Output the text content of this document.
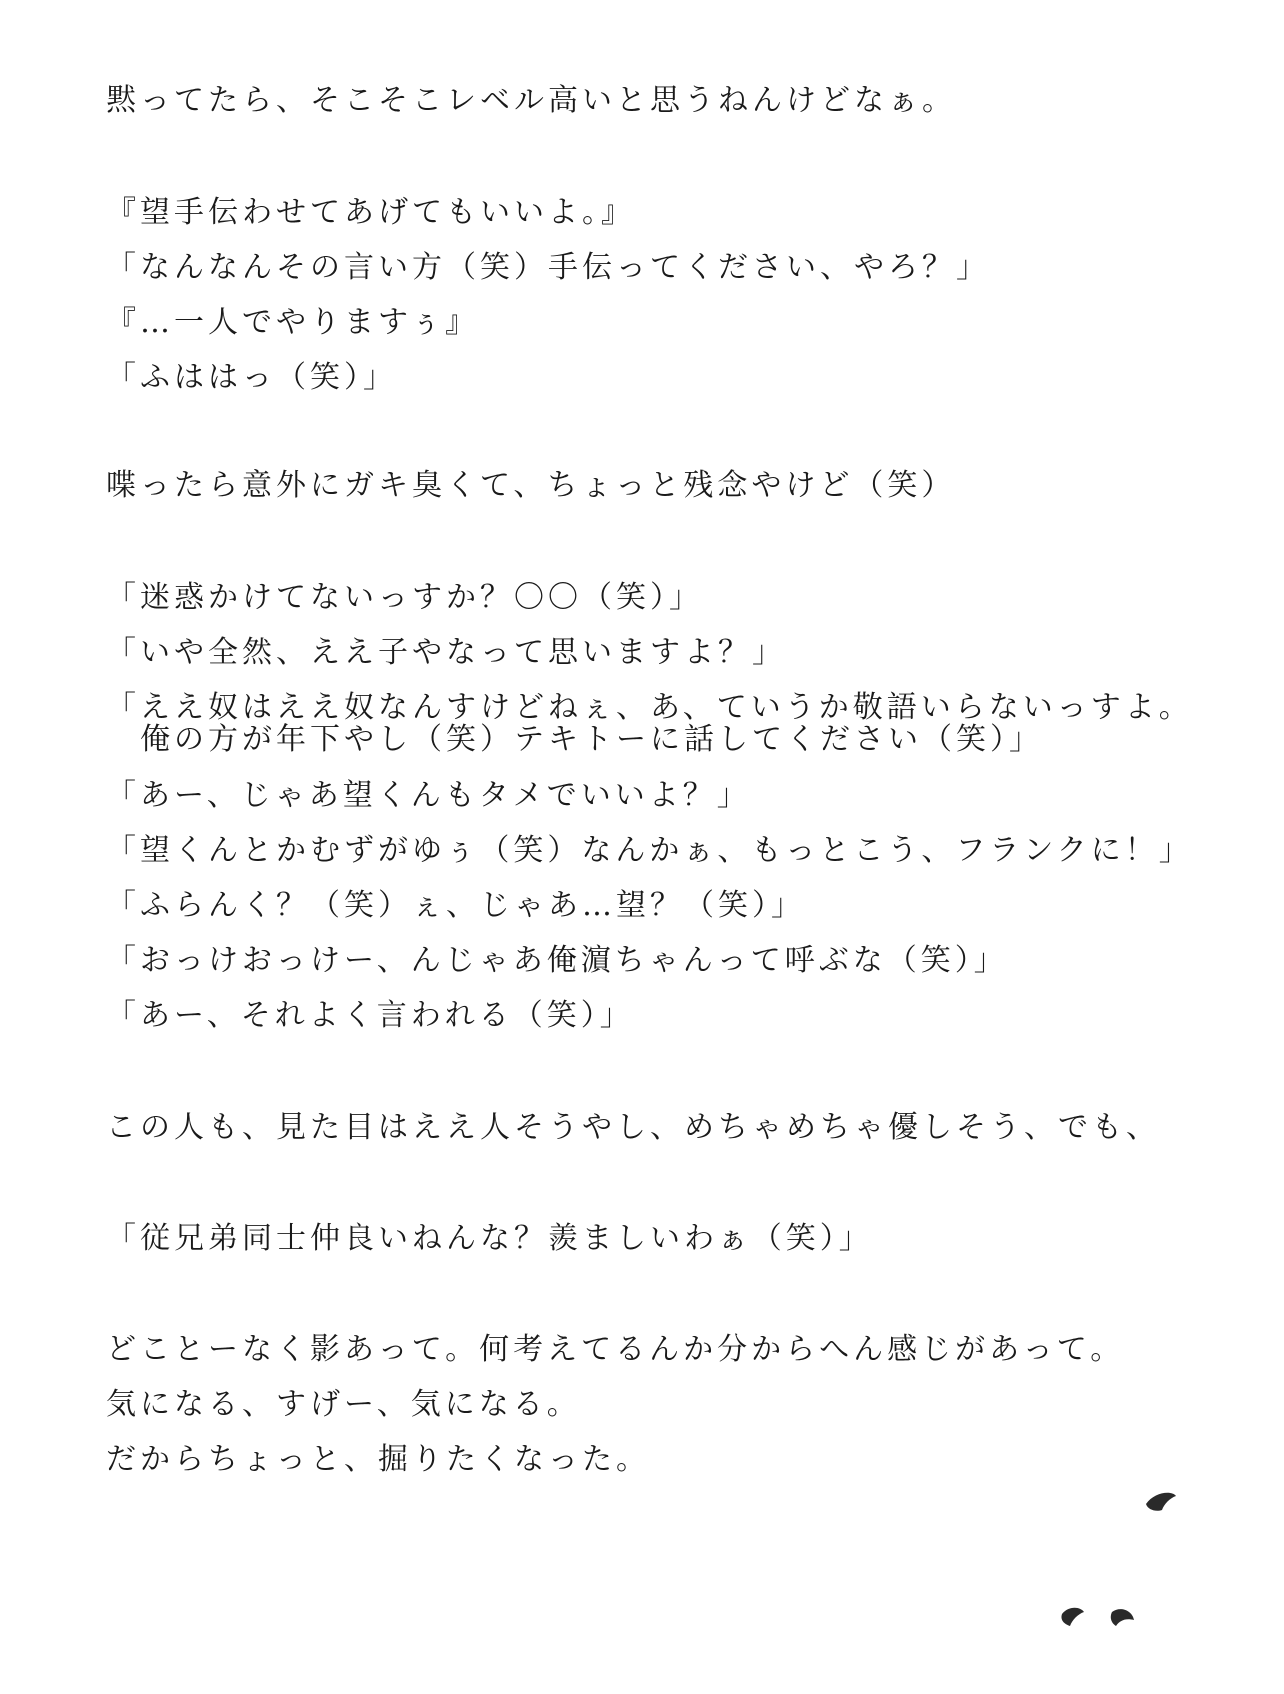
黙ってたら、そこそこレベル高いと思うねんけどなぁ。
『望手伝わせてあげてもいいよ。』
「なんなんその言い方（笑）手伝ってください、やろ？」
『…一人でやりますぅ』
「ふははっ（笑）」
喋ったら意外にガキ臭くて、ちょっと残念やけど（笑）
「迷惑かけてないっすか？〇〇（笑）」
「いや全然、ええ子やなって思いますよ？」
「ええ奴はええ奴なんすけどねぇ、あ、ていうか敬語いらないっすよ。
　俺の方が年下やし（笑）テキトーに話してください（笑）」
「あー、じゃあ望くんもタメでいいよ？」
「望くんとかむずがゆぅ（笑）なんかぁ、もっとこう、フランクに！」
「ふらんく？（笑）ぇ、じゃあ…望？（笑）」
「おっけおっけー、んじゃあ俺濵ちゃんって呼ぶな（笑）」
「あー、それよく言われる（笑）」
この人も、見た目はええ人そうやし、めちゃめちゃ優しそう、でも、
「従兄弟同士仲良いねんな？羨ましいわぁ（笑）」
どことーなく影あって。何考えてるんか分からへん感じがあって。
気になる、すげー、気になる。
だからちょっと、掘りたくなった。
